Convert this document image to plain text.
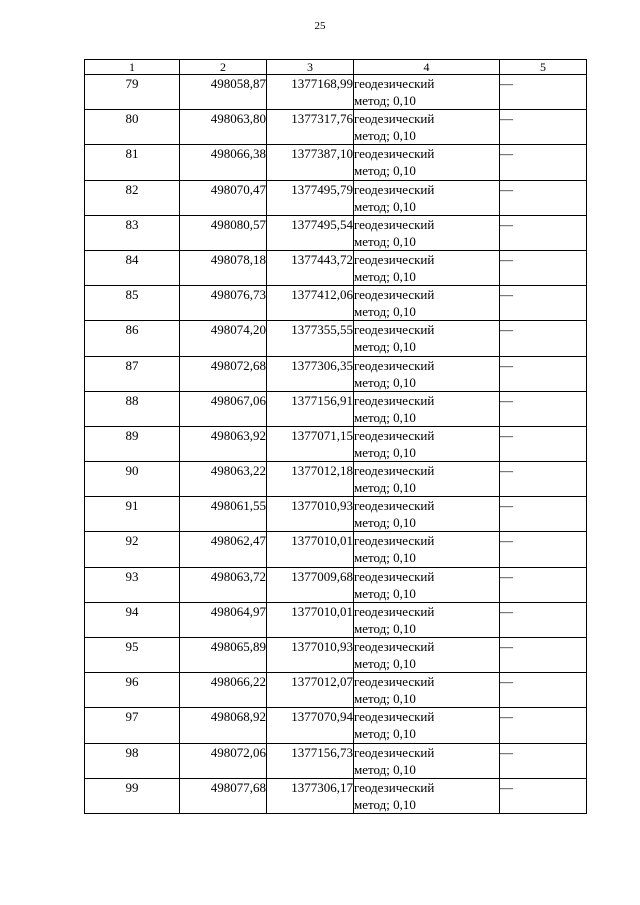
25
1	2	3	4	5
79	498058,87	1377168,99	геодезический
метод; 0,10	—
80	498063,80	1377317,76	геодезический
метод; 0,10	—
81	498066,38	1377387,10	геодезический
метод; 0,10	—
82	498070,47	1377495,79	геодезический
метод; 0,10	—
83	498080,57	1377495,54	геодезический
метод; 0,10	—
84	498078,18	1377443,72	геодезический
метод; 0,10	—
85	498076,73	1377412,06	геодезический
метод; 0,10	—
86	498074,20	1377355,55	геодезический
метод; 0,10	—
87	498072,68	1377306,35	геодезический
метод; 0,10	—
88	498067,06	1377156,91	геодезический
метод; 0,10	—
89	498063,92	1377071,15	геодезический
метод; 0,10	—
90	498063,22	1377012,18	геодезический
метод; 0,10	—
91	498061,55	1377010,93	геодезический
метод; 0,10	—
92	498062,47	1377010,01	геодезический
метод; 0,10	—
93	498063,72	1377009,68	геодезический
метод; 0,10	—
94	498064,97	1377010,01	геодезический
метод; 0,10	—
95	498065,89	1377010,93	геодезический
метод; 0,10	—
96	498066,22	1377012,07	геодезический
метод; 0,10	—
97	498068,92	1377070,94	геодезический
метод; 0,10	—
98	498072,06	1377156,73	геодезический
метод; 0,10	—
99	498077,68	1377306,17	геодезический
метод; 0,10	—
